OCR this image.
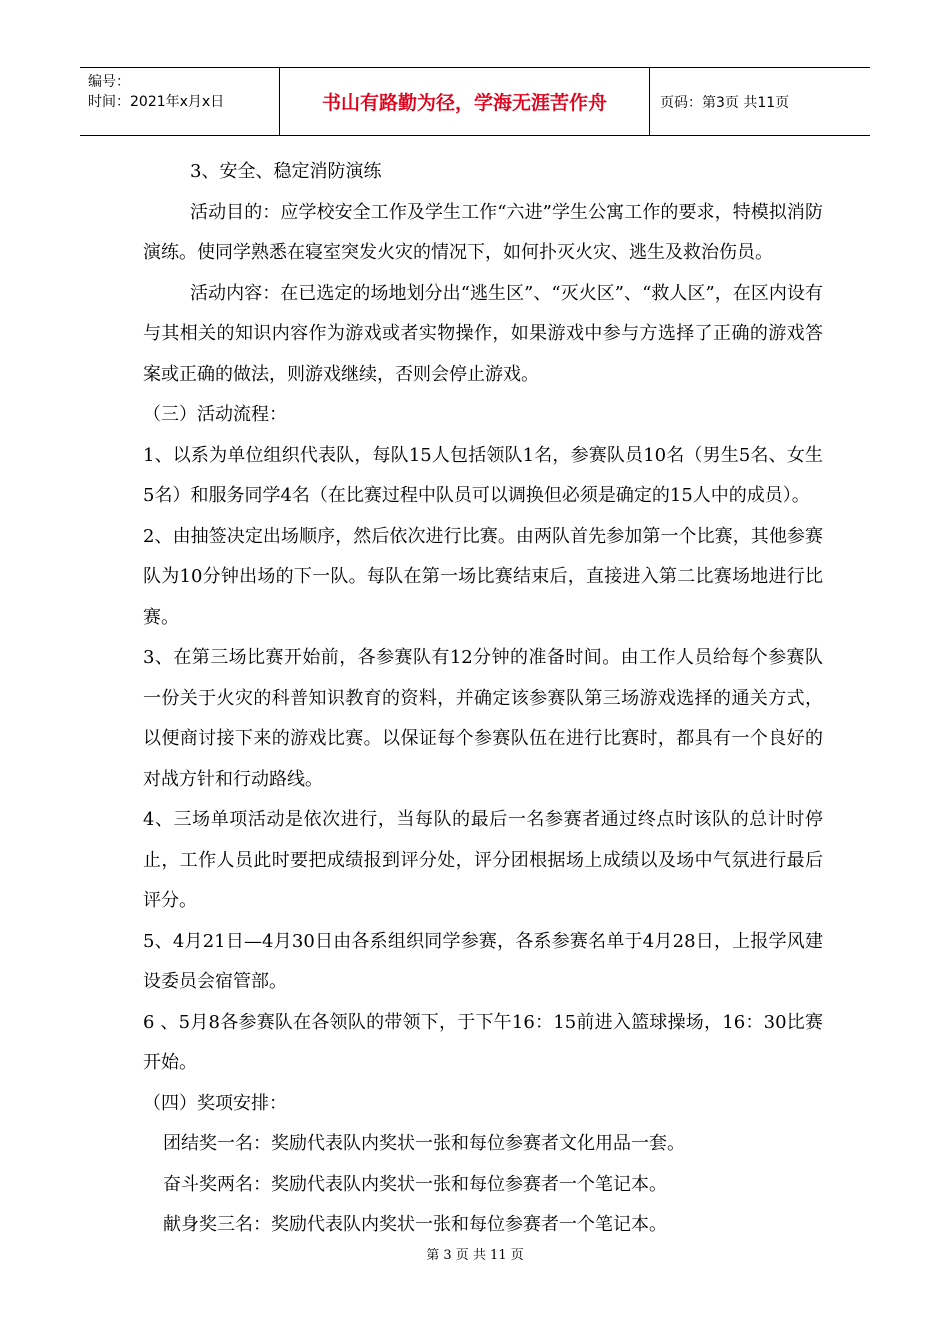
编号：
时间：2021年x月x日	书山有路勤为径，学海无涯苦作舟	页码：第3页 共11页

3、安全、稳定消防演练

活动目的：应学校安全工作及学生工作“六进”学生公寓工作的要求，特模拟消防演练。使同学熟悉在寝室突发火灾的情况下，如何扑灭火灾、逃生及救治伤员。

活动内容：在已选定的场地划分出“逃生区”、“灭火区”、“救人区”，在区内设有与其相关的知识内容作为游戏或者实物操作，如果游戏中参与方选择了正确的游戏答案或正确的做法，则游戏继续，否则会停止游戏。

（三）活动流程：

1、以系为单位组织代表队，每队15人包括领队1名，参赛队员10名（男生5名、女生5名）和服务同学4名（在比赛过程中队员可以调换但必须是确定的15人中的成员）。

2、由抽签决定出场顺序，然后依次进行比赛。由两队首先参加第一个比赛，其他参赛队为10分钟出场的下一队。每队在第一场比赛结束后，直接进入第二比赛场地进行比赛。

3、在第三场比赛开始前，各参赛队有12分钟的准备时间。由工作人员给每个参赛队一份关于火灾的科普知识教育的资料，并确定该参赛队第三场游戏选择的通关方式，以便商讨接下来的游戏比赛。以保证每个参赛队伍在进行比赛时，都具有一个良好的对战方针和行动路线。

4、三场单项活动是依次进行，当每队的最后一名参赛者通过终点时该队的总计时停止，工作人员此时要把成绩报到评分处，评分团根据场上成绩以及场中气氛进行最后评分。

5、4月21日—4月30日由各系组织同学参赛，各系参赛名单于4月28日，上报学风建设委员会宿管部。

6 、5月8各参赛队在各领队的带领下，于下午16：15前进入篮球操场，16：30比赛开始。

（四）奖项安排：

团结奖一名：奖励代表队内奖状一张和每位参赛者文化用品一套。

奋斗奖两名：奖励代表队内奖状一张和每位参赛者一个笔记本。

献身奖三名：奖励代表队内奖状一张和每位参赛者一个笔记本。

第 3 页 共 11 页
